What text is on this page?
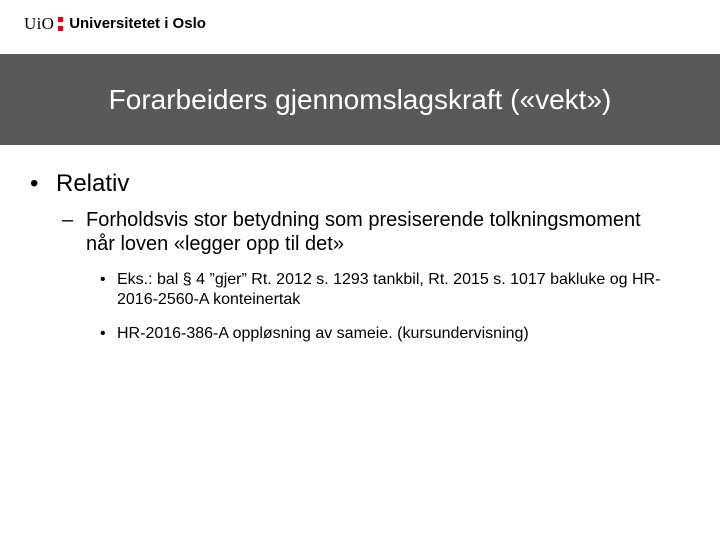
UiO Universitetet i Oslo
Forarbeiders gjennomslagskraft («vekt»)
• Relativ
– Forholdsvis stor betydning som presiserende tolkningsmoment når loven «legger opp til det»
• Eks.: bal § 4 ”gjer” Rt. 2012 s. 1293 tankbil, Rt. 2015 s. 1017 bakluke og HR-2016-2560-A konteinertak
• HR-2016-386-A oppløsning av sameie. (kursundervisning)
